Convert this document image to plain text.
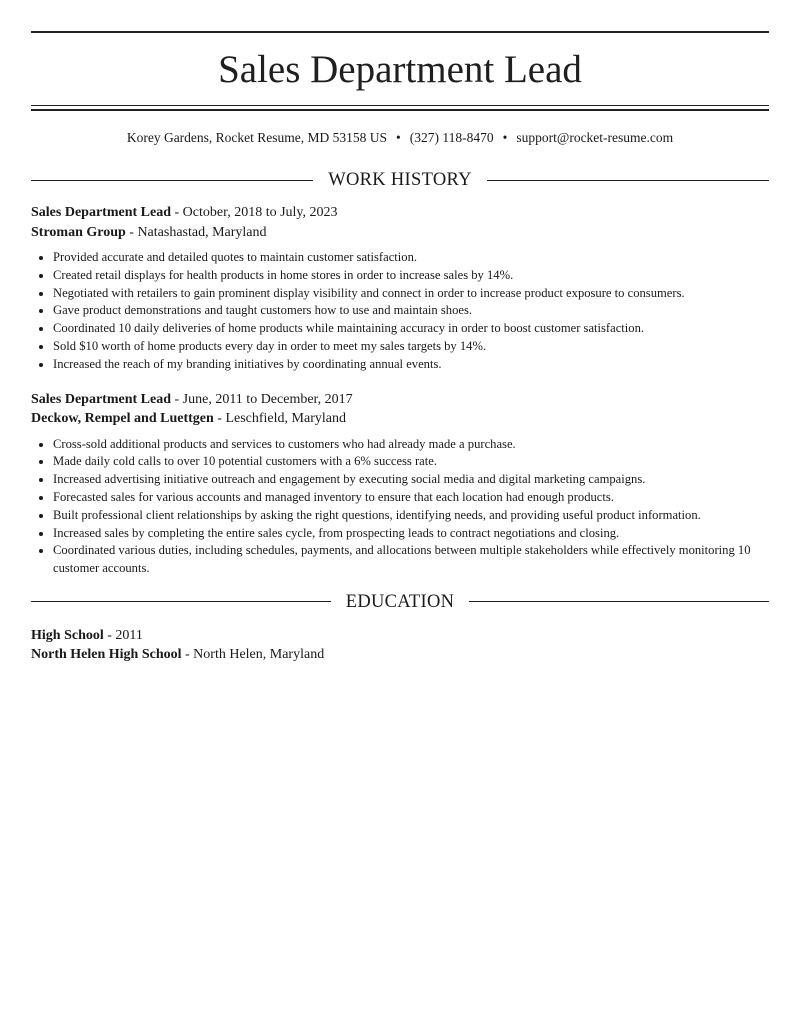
Sales Department Lead
Korey Gardens, Rocket Resume, MD 53158 US • (327) 118-8470 • support@rocket-resume.com
WORK HISTORY
Sales Department Lead - October, 2018 to July, 2023
Stroman Group - Natashastad, Maryland
• Provided accurate and detailed quotes to maintain customer satisfaction.
• Created retail displays for health products in home stores in order to increase sales by 14%.
• Negotiated with retailers to gain prominent display visibility and connect in order to increase product exposure to consumers.
• Gave product demonstrations and taught customers how to use and maintain shoes.
• Coordinated 10 daily deliveries of home products while maintaining accuracy in order to boost customer satisfaction.
• Sold $10 worth of home products every day in order to meet my sales targets by 14%.
• Increased the reach of my branding initiatives by coordinating annual events.
Sales Department Lead - June, 2011 to December, 2017
Deckow, Rempel and Luettgen - Leschfield, Maryland
• Cross-sold additional products and services to customers who had already made a purchase.
• Made daily cold calls to over 10 potential customers with a 6% success rate.
• Increased advertising initiative outreach and engagement by executing social media and digital marketing campaigns.
• Forecasted sales for various accounts and managed inventory to ensure that each location had enough products.
• Built professional client relationships by asking the right questions, identifying needs, and providing useful product information.
• Increased sales by completing the entire sales cycle, from prospecting leads to contract negotiations and closing.
• Coordinated various duties, including schedules, payments, and allocations between multiple stakeholders while effectively monitoring 10 customer accounts.
EDUCATION
High School - 2011
North Helen High School - North Helen, Maryland
